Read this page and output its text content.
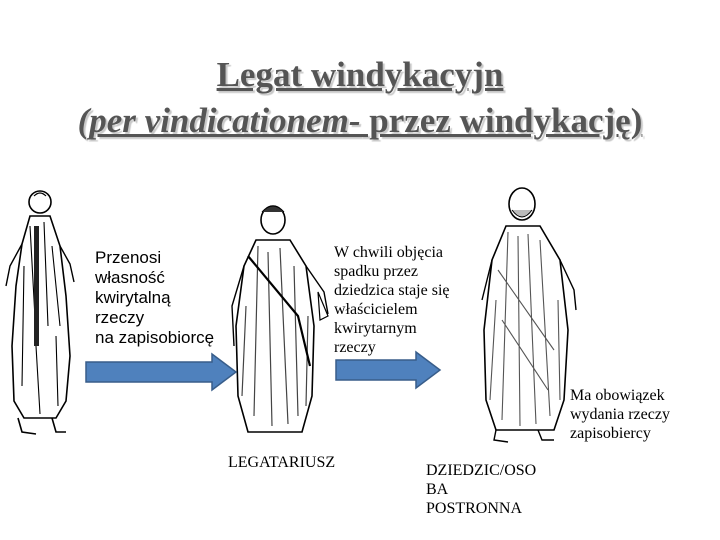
Legat windykacyjn
(per vindicationem- przez windykację)
Przenosi
własność
kwirytalną
rzeczy
na zapisobiorcę
W chwili objęcia
spadku przez
dziedzica staje się
właścicielem
kwirytarnym
rzeczy
Ma obowiązek
wydania rzeczy
zapisobiercy
LEGATARIUSZ	DZIEDZIC/OSO
BA
POSTRONNA
